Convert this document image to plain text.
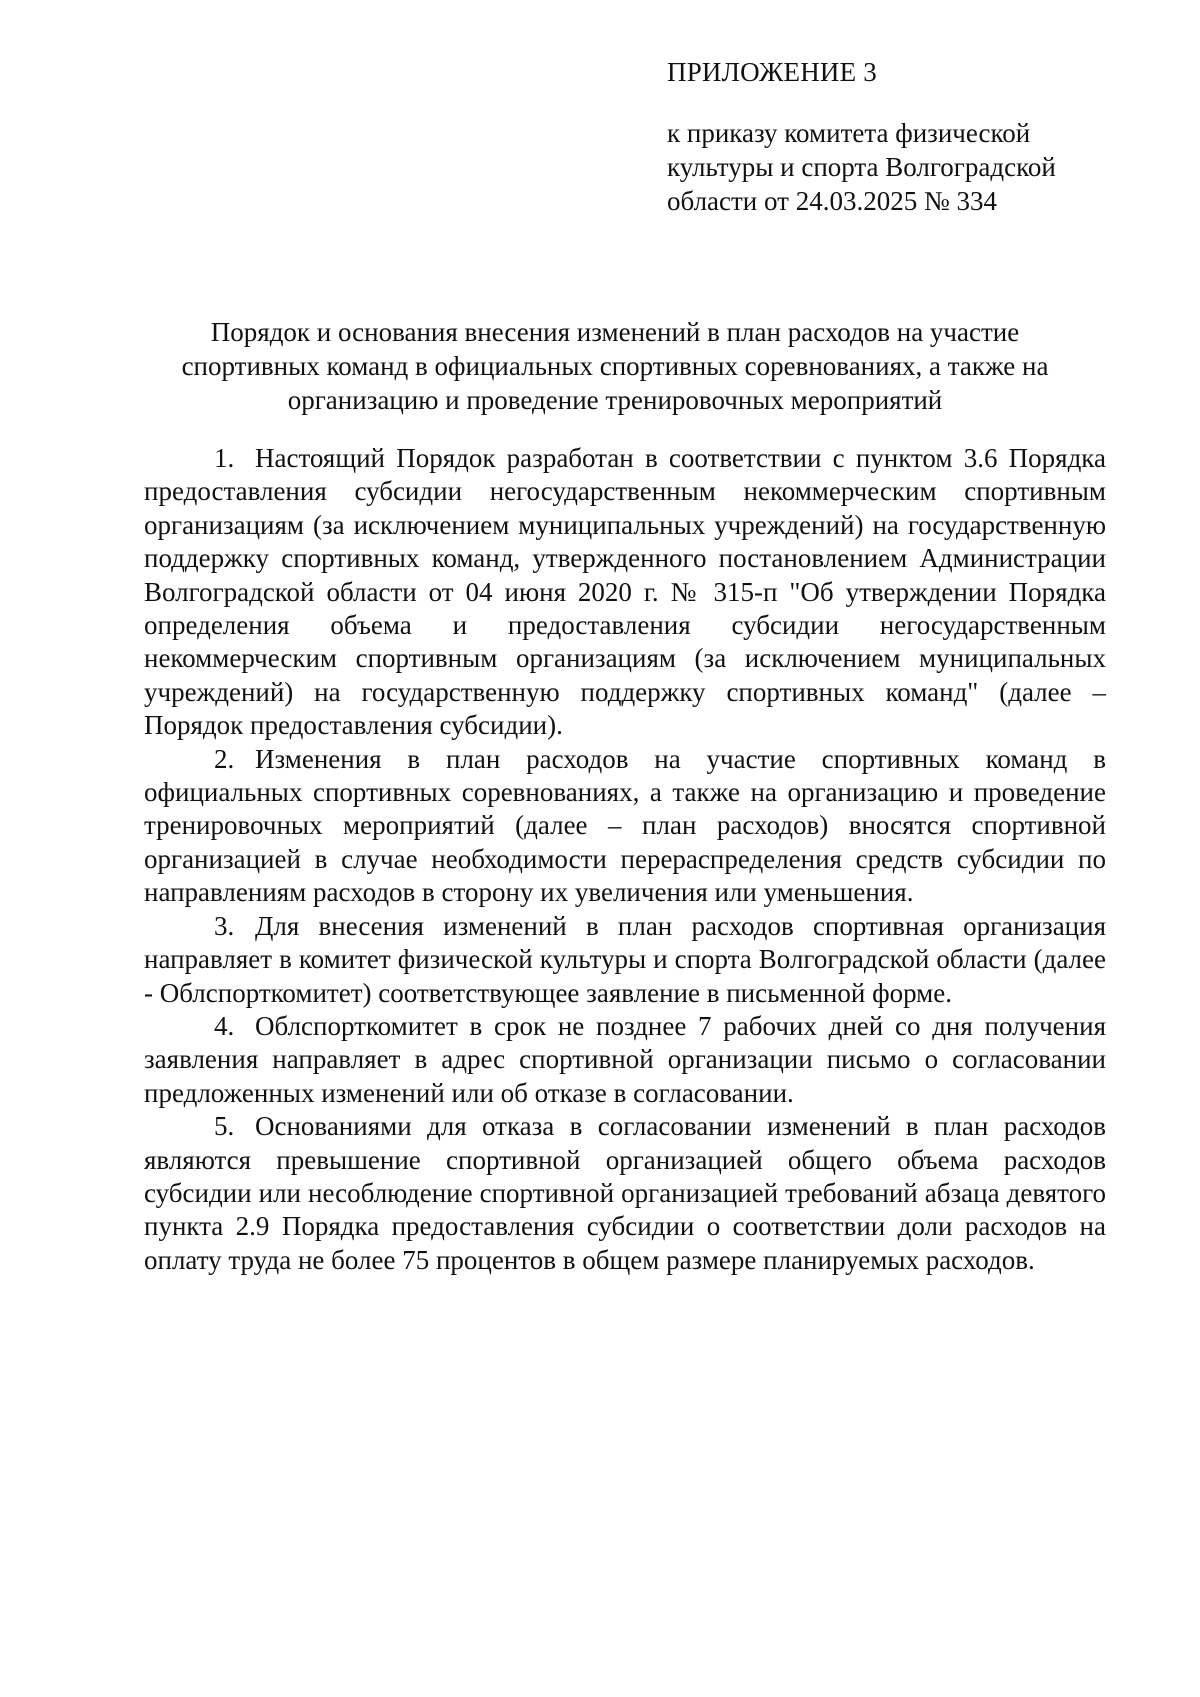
ПРИЛОЖЕНИЕ 3

к приказу комитета физической культуры и спорта Волгоградской области от 24.03.2025 № 334

Порядок и основания внесения изменений в план расходов на участие спортивных команд в официальных спортивных соревнованиях, а также на организацию и проведение тренировочных мероприятий

1. Настоящий Порядок разработан в соответствии с пунктом 3.6 Порядка предоставления субсидии негосударственным некоммерческим спортивным организациям (за исключением муниципальных учреждений) на государственную поддержку спортивных команд, утвержденного постановлением Администрации Волгоградской области от 04 июня 2020 г. № 315-п "Об утверждении Порядка определения объема и предоставления субсидии негосударственным некоммерческим спортивным организациям (за исключением муниципальных учреждений) на государственную поддержку спортивных команд" (далее – Порядок предоставления субсидии).

2. Изменения в план расходов на участие спортивных команд в официальных спортивных соревнованиях, а также на организацию и проведение тренировочных мероприятий (далее – план расходов) вносятся спортивной организацией в случае необходимости перераспределения средств субсидии по направлениям расходов в сторону их увеличения или уменьшения.

3. Для внесения изменений в план расходов спортивная организация направляет в комитет физической культуры и спорта Волгоградской области (далее - Облспорткомитет) соответствующее заявление в письменной форме.

4. Облспорткомитет в срок не позднее 7 рабочих дней со дня получения заявления направляет в адрес спортивной организации письмо о согласовании предложенных изменений или об отказе в согласовании.

5. Основаниями для отказа в согласовании изменений в план расходов являются превышение спортивной организацией общего объема расходов субсидии или несоблюдение спортивной организацией требований абзаца девятого пункта 2.9 Порядка предоставления субсидии о соответствии доли расходов на оплату труда не более 75 процентов в общем размере планируемых расходов.
